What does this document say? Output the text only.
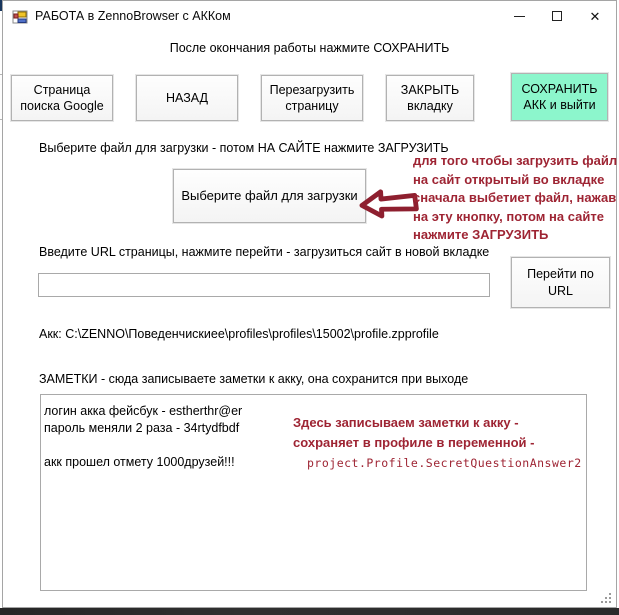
РАБОТА в ZennoBrowser с АККом	✕
После окончания работы нажмите СОХРАНИТЬ
Страница поиска Google
НАЗАД
Перезагрузить страницу
ЗАКРЫТЬ вкладку
СОХРАНИТЬ АКК и выйти
Выберите файл для загрузки - потом НА САЙТЕ нажмите ЗАГРУЗИТЬ
Выберите файл для загрузки
для того чтобы загрузить файл
на сайт открытый во вкладке
сначала выбетиет файл, нажав
на эту кнопку, потом на сайте
нажмите ЗАГРУЗИТЬ
Введите URL страницы, нажмите перейти - загрузиться сайт в новой вкладке
Перейти по URL
Акк: C:\ZENNO\Поведенчискиее\profiles\profiles\15002\profile.zpprofile
ЗАМЕТКИ - сюда записываете заметки к акку, она сохранится при выходе
логин акка фейсбук - estherthr@er пароль меняли 2 раза - 34rtydfbdf акк прошел отмету 1000друзей!!!
Здесь записываем заметки к акку -
сохраняет в профиле в переменной -
project.Profile.SecretQuestionAnswer2
